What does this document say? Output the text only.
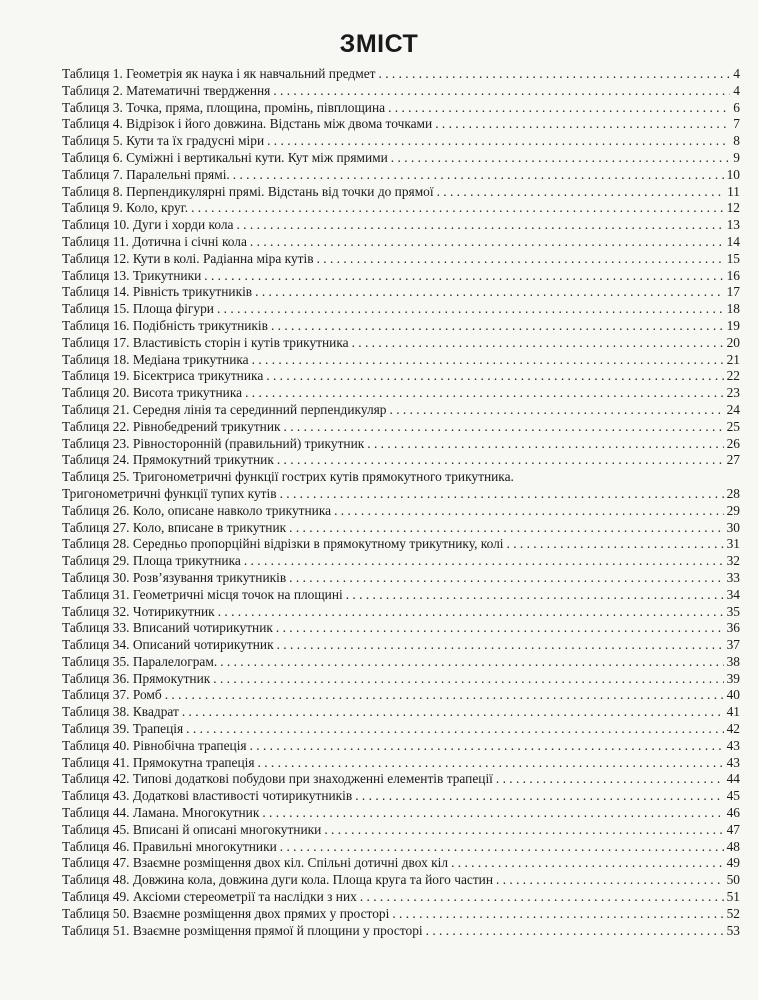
ЗМІСТ
Таблиця 1. Геометрія як наука і як навчальний предмет . . .	4
Таблиця 2. Математичні твердження . . .	4
Таблиця 3. Точка, пряма, площина, промінь, півплощина . . .	6
Таблиця 4. Відрізок і його довжина. Відстань між двома точками . . .	7
Таблиця 5. Кути та їх градусні міри . . .	8
Таблиця 6. Суміжні і вертикальні кути. Кут між прямими . . .	9
Таблиця 7. Паралельні прямі. . . .	10
Таблиця 8. Перпендикулярні прямі. Відстань від точки до прямої . . .	11
Таблиця 9. Коло, круг. . . .	12
Таблиця 10. Дуги і хорди кола . . .	13
Таблиця 11. Дотична і січні кола . . .	14
Таблиця 12. Кути в колі. Радіанна міра кутів . . .	15
Таблиця 13. Трикутники . . .	16
Таблиця 14. Рівність трикутників . . .	17
Таблиця 15. Площа фігури . . .	18
Таблиця 16. Подібність трикутників . . .	19
Таблиця 17. Властивість сторін і кутів трикутника . . .	20
Таблиця 18. Медіана трикутника . . .	21
Таблиця 19. Бісектриса трикутника . . .	22
Таблиця 20. Висота трикутника . . .	23
Таблиця 21. Середня лінія та серединний перпендикуляр . . .	24
Таблиця 22. Рівнобедрений трикутник . . .	25
Таблиця 23. Рівносторонній (правильний) трикутник . . .	26
Таблиця 24. Прямокутний трикутник . . .	27
Таблиця 25. Тригонометричні функції гострих кутів прямокутного трикутника.
Тригонометричні функції тупих кутів . . .	28
Таблиця 26. Коло, описане навколо трикутника . . .	29
Таблиця 27. Коло, вписане в трикутник . . .	30
Таблиця 28. Середньо пропорційні відрізки в прямокутному трикутнику, колі . . .	31
Таблиця 29. Площа трикутника . . .	32
Таблиця 30. Розв’язування трикутників . . .	33
Таблиця 31. Геометричні місця точок на площині . . .	34
Таблиця 32. Чотирикутник . . .	35
Таблиця 33. Вписаний чотирикутник . . .	36
Таблиця 34. Описаний чотирикутник . . .	37
Таблиця 35. Паралелограм. . . .	38
Таблиця 36. Прямокутник . . .	39
Таблиця 37. Ромб . . .	40
Таблиця 38. Квадрат . . .	41
Таблиця 39. Трапеція . . .	42
Таблиця 40. Рівнобічна трапеція . . .	43
Таблиця 41. Прямокутна трапеція . . .	43
Таблиця 42. Типові додаткові побудови при знаходженні елементів трапеції . . .	44
Таблиця 43. Додаткові властивості чотирикутників . . .	45
Таблиця 44. Ламана. Многокутник . . .	46
Таблиця 45. Вписані й описані многокутники . . .	47
Таблиця 46. Правильні многокутники . . .	48
Таблиця 47. Взаємне розміщення двох кіл. Спільні дотичні двох кіл . . .	49
Таблиця 48. Довжина кола, довжина дуги кола. Площа круга та його частин . . .	50
Таблиця 49. Аксіоми стереометрії та наслідки з них . . .	51
Таблиця 50. Взаємне розміщення двох прямих у просторі . . .	52
Таблиця 51. Взаємне розміщення прямої й площини у просторі . . .	53
